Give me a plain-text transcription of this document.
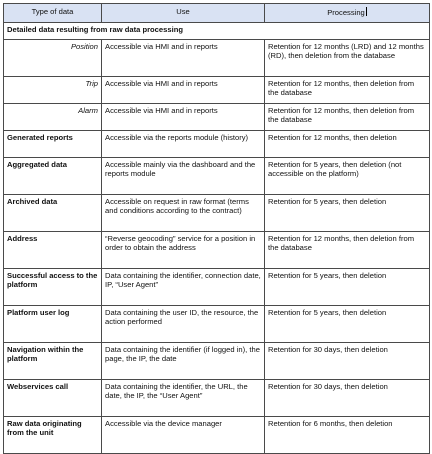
Type of data	Use	Processing
Detailed data resulting from raw data processing		
Position	Accessible via HMI and in reports	Retention for 12 months (LRD) and 12 months (RD), then deletion from the database
Trip	Accessible via HMI and in reports	Retention for 12 months, then deletion from the database
Alarm	Accessible via HMI and in reports	Retention for 12 months, then deletion from the database
Generated reports	Accessible via the reports module (history)	Retention for 12 months, then deletion
Aggregated data	Accessible mainly via the dashboard and the reports module	Retention for 5 years, then deletion (not accessible on the platform)
Archived data	Accessible on request in raw format (terms and conditions according to the contract)	Retention for 5 years, then deletion
Address	“Reverse geocoding” service for a position in order to obtain the address	Retention for 12 months, then deletion from the database
Successful access to the platform	Data containing the identifier, connection date, IP, “User Agent”	Retention for 5 years, then deletion
Platform user log	Data containing the user ID, the resource, the action performed	Retention for 5 years, then deletion
Navigation within the platform	Data containing the identifier (if logged in), the page, the IP, the date	Retention for 30 days, then deletion
Webservices call	Data containing the identifier, the URL, the date, the IP, the “User Agent”	Retention for 30 days, then deletion
Raw data originating from the unit	Accessible via the device manager	Retention for 6 months, then deletion
